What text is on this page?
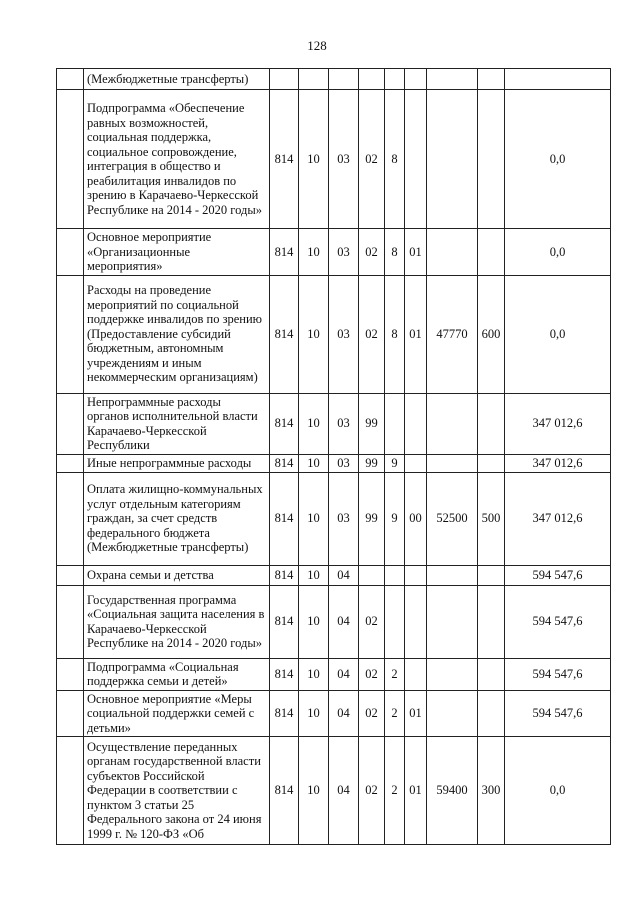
128
	(Межбюджетные трансферты)									
	Подпрограмма «Обеспечение равных возможностей, социальная поддержка, социальное сопровождение, интеграция в общество и реабилитация инвалидов по зрению в Карачаево-Черкесской Республике на 2014 - 2020 годы»	814	10	03	02	8				0,0
	Основное мероприятие «Организационные мероприятия»	814	10	03	02	8	01			0,0
	Расходы на проведение мероприятий по социальной поддержке инвалидов по зрению (Предоставление субсидий бюджетным, автономным учреждениям и иным некоммерческим организациям)	814	10	03	02	8	01	47770	600	0,0
	Непрограммные расходы органов исполнительной власти Карачаево-Черкесской Республики	814	10	03	99					347 012,6
	Иные непрограммные расходы	814	10	03	99	9				347 012,6
	Оплата жилищно-коммунальных услуг отдельным категориям граждан, за счет средств федерального бюджета (Межбюджетные трансферты)	814	10	03	99	9	00	52500	500	347 012,6
	Охрана семьи и детства	814	10	04						594 547,6
	Государственная программа «Социальная защита населения в Карачаево-Черкесской Республике на 2014 - 2020 годы»	814	10	04	02					594 547,6
	Подпрограмма «Социальная поддержка семьи и детей»	814	10	04	02	2				594 547,6
	Основное мероприятие «Меры социальной поддержки семей с детьми»	814	10	04	02	2	01			594 547,6
	Осуществление переданных органам государственной власти субъектов Российской Федерации в соответствии с пунктом 3 статьи 25 Федерального закона от 24 июня 1999 г. № 120-ФЗ «Об	814	10	04	02	2	01	59400	300	0,0
